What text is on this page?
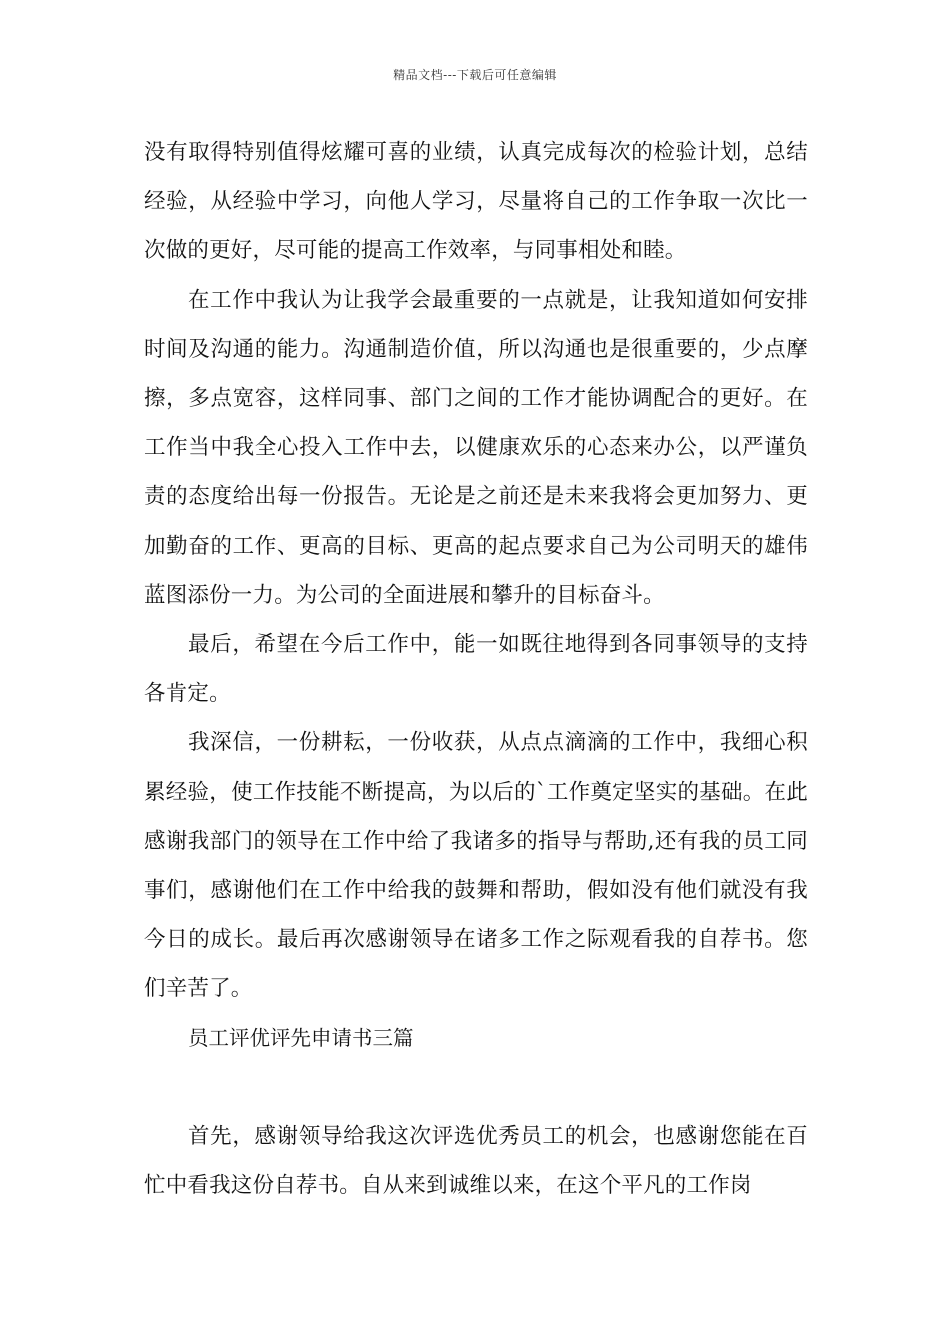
精品文档---下载后可任意编辑

没有取得特别值得炫耀可喜的业绩，认真完成每次的检验计划，总结经验，从经验中学习，向他人学习，尽量将自己的工作争取一次比一次做的更好，尽可能的提高工作效率，与同事相处和睦。

在工作中我认为让我学会最重要的一点就是，让我知道如何安排时间及沟通的能力。沟通制造价值，所以沟通也是很重要的，少点摩擦，多点宽容，这样同事、部门之间的工作才能协调配合的更好。在工作当中我全心投入工作中去，以健康欢乐的心态来办公，以严谨负责的态度给出每一份报告。无论是之前还是未来我将会更加努力、更加勤奋的工作、更高的目标、更高的起点要求自己为公司明天的雄伟蓝图添份一力。为公司的全面进展和攀升的目标奋斗。

最后，希望在今后工作中，能一如既往地得到各同事领导的支持各肯定。

我深信，一份耕耘，一份收获，从点点滴滴的工作中，我细心积累经验，使工作技能不断提高，为以后的`工作奠定坚实的基础。在此感谢我部门的领导在工作中给了我诸多的指导与帮助,还有我的员工同事们，感谢他们在工作中给我的鼓舞和帮助，假如没有他们就没有我今日的成长。最后再次感谢领导在诸多工作之际观看我的自荐书。您们辛苦了。

员工评优评先申请书三篇

首先，感谢领导给我这次评选优秀员工的机会，也感谢您能在百忙中看我这份自荐书。自从来到诚维以来，在这个平凡的工作岗
